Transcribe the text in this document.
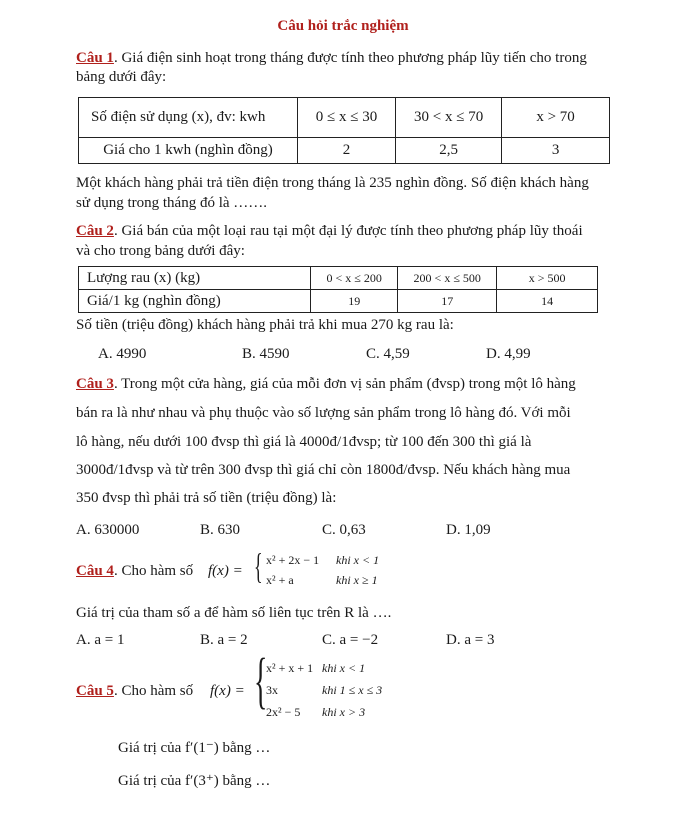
Câu hỏi trắc nghiệm
Câu 1. Giá điện sinh hoạt trong tháng được tính theo phương pháp lũy tiến cho trong
bảng dưới đây:
Số điện sử dụng (x), đv: kwh	0 ≤ x ≤ 30	30 < x ≤ 70	x > 70
Giá cho 1 kwh (nghìn đồng)	2	2,5	3
Một khách hàng phải trả tiền điện trong tháng là 235 nghìn đồng. Số điện khách hàng
sử dụng trong tháng đó là …….
Câu 2. Giá bán của một loại rau tại một đại lý được tính theo phương pháp lũy thoái
và cho trong bảng dưới đây:
Lượng rau (x) (kg)	0 < x ≤ 200	200 < x ≤ 500	x > 500
Giá/1 kg (nghìn đồng)	19	17	14
Số tiền (triệu đồng) khách hàng phải trả khi mua 270 kg rau là:
A. 4990	B. 4590	C. 4,59	D. 4,99
Câu 3. Trong một cửa hàng, giá của mỗi đơn vị sản phẩm (đvsp) trong một lô hàng
bán ra là như nhau và phụ thuộc vào số lượng sản phẩm trong lô hàng đó. Với mỗi
lô hàng, nếu dưới 100 đvsp thì giá là 4000đ/1đvsp; từ 100 đến 300 thì giá là
3000đ/1đvsp và từ trên 300 đvsp thì giá chỉ còn 1800đ/đvsp. Nếu khách hàng mua
350 đvsp thì phải trả số tiền (triệu đồng) là:
A. 630000	B. 630	C. 0,63	D. 1,09
Câu 4. Cho hàm số f(x) = { x² + 2x − 1 khi x < 1
x² + a	khi x ≥ 1
Giá trị của tham số a để hàm số liên tục trên R là ….
A. a = 1	B. a = 2	C. a = −2	D. a = 3
Câu 5. Cho hàm số f(x) = {
x² + x + 1 khi x < 1
3x	khi 1 ≤ x ≤ 3
2x² − 5 khi x > 3
Giá trị của f′(1⁻) bằng …
Giá trị của f′(3⁺) bằng …
